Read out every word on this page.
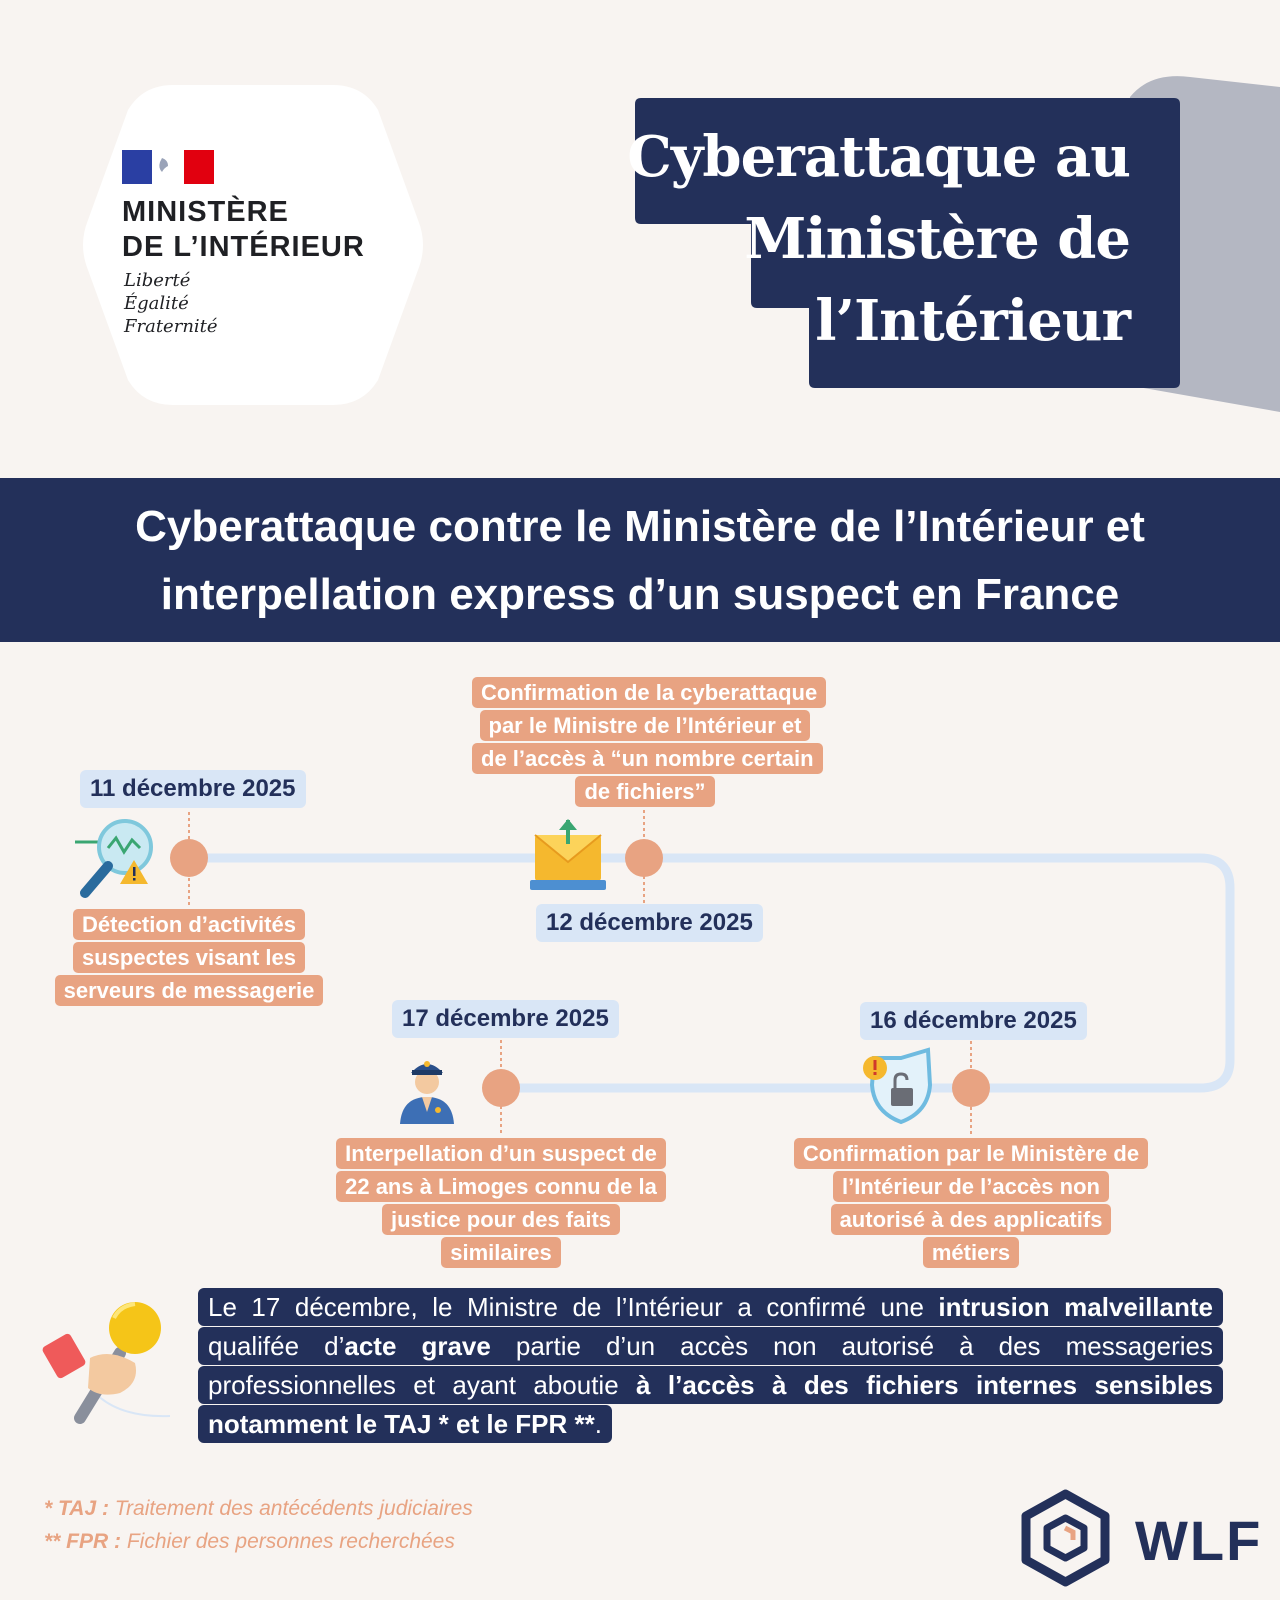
MINISTÈRE
DE L’INTÉRIEUR
Liberté
Égalité
Fraternité
Cyberattaque au
Ministère de
l’Intérieur
Cyberattaque contre le Ministère de l’Intérieur et
interpellation express d’un suspect en France
11 décembre 2025
12 décembre 2025
16 décembre 2025
17 décembre 2025
Détection d’activités suspectes visant les serveurs de messagerie
Confirmation de la cyberattaque par le Ministre de l’Intérieur et de l’accès à “un nombre certain de fichiers”
Confirmation par le Ministère de l’Intérieur de l’accès non autorisé à des applicatifs métiers
Interpellation d’un suspect de 22 ans à Limoges connu de la justice pour des faits similaires

Le 17 décembre, le Ministre de l’Intérieur a confirmé une intrusion malveillante qualifée d’acte grave partie d’un accès non autorisé à des messageries professionnelles et ayant aboutie à l’accès à des fichiers internes sensibles notamment le TAJ * et le FPR **.

* TAJ : Traitement des antécédents judiciaires
** FPR : Fichier des personnes recherchées	WLF
